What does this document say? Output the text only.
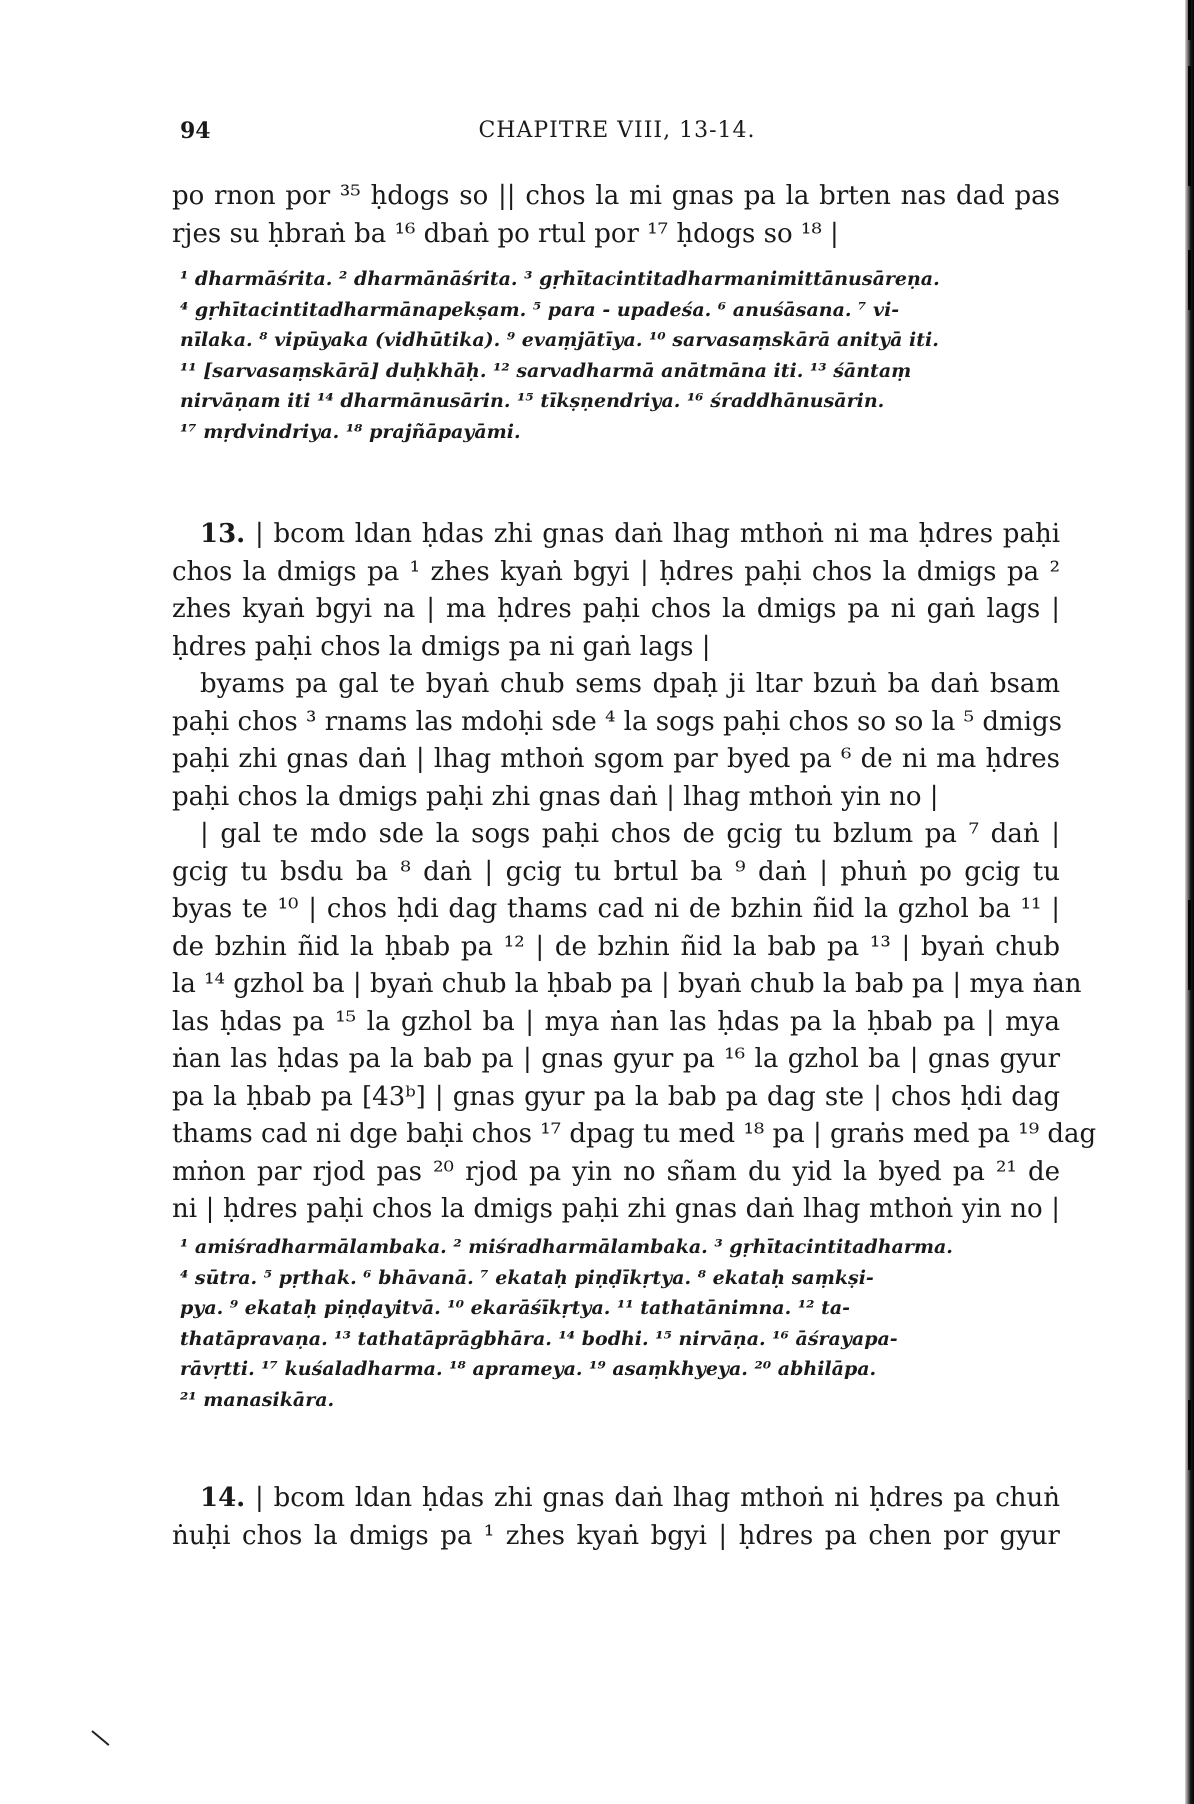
94	CHAPITRE VIII, 13-14.
po rnon por ³⁵ ḥdogs so || chos la mi gnas pa la brten nas dad pas
rjes su ḥbraṅ ba ¹⁶ dbaṅ po rtul por ¹⁷ ḥdogs so ¹⁸ |
¹ dharmāśrita. ² dharmānāśrita. ³ gṛhītacintitadharmanimittānusāreṇa.
⁴ gṛhītacintitadharmānapekṣam. ⁵ para - upadeśa. ⁶ anuśāsana. ⁷ vi-
nīlaka. ⁸ vipūyaka (vidhūtika). ⁹ evaṃjātīya. ¹⁰ sarvasaṃskārā anityā iti.
¹¹ [sarvasaṃskārā] duḥkhāḥ. ¹² sarvadharmā anātmāna iti. ¹³ śāntaṃ
nirvāṇam iti ¹⁴ dharmānusārin. ¹⁵ tīkṣṇendriya. ¹⁶ śraddhānusārin.
¹⁷ mṛdvindriya. ¹⁸ prajñāpayāmi.
13. | bcom ldan ḥdas zhi gnas daṅ lhag mthoṅ ni ma ḥdres paḥi
chos la dmigs pa ¹ zhes kyaṅ bgyi | ḥdres paḥi chos la dmigs pa ²
zhes kyaṅ bgyi na | ma ḥdres paḥi chos la dmigs pa ni gaṅ lags |
ḥdres paḥi chos la dmigs pa ni gaṅ lags |
byams pa gal te byaṅ chub sems dpaḥ ji ltar bzuṅ ba daṅ bsam
paḥi chos ³ rnams las mdoḥi sde ⁴ la sogs paḥi chos so so la ⁵ dmigs
paḥi zhi gnas daṅ | lhag mthoṅ sgom par byed pa ⁶ de ni ma ḥdres
paḥi chos la dmigs paḥi zhi gnas daṅ | lhag mthoṅ yin no |
| gal te mdo sde la sogs paḥi chos de gcig tu bzlum pa ⁷ daṅ |
gcig tu bsdu ba ⁸ daṅ | gcig tu brtul ba ⁹ daṅ | phuṅ po gcig tu
byas te ¹⁰ | chos ḥdi dag thams cad ni de bzhin ñid la gzhol ba ¹¹ |
de bzhin ñid la ḥbab pa ¹² | de bzhin ñid la bab pa ¹³ | byaṅ chub
la ¹⁴ gzhol ba | byaṅ chub la ḥbab pa | byaṅ chub la bab pa | mya ṅan
las ḥdas pa ¹⁵ la gzhol ba | mya ṅan las ḥdas pa la ḥbab pa | mya
ṅan las ḥdas pa la bab pa | gnas gyur pa ¹⁶ la gzhol ba | gnas gyur
pa la ḥbab pa [43ᵇ] | gnas gyur pa la bab pa dag ste | chos ḥdi dag
thams cad ni dge baḥi chos ¹⁷ dpag tu med ¹⁸ pa | graṅs med pa ¹⁹ dag
mṅon par rjod pas ²⁰ rjod pa yin no sñam du yid la byed pa ²¹ de
ni | ḥdres paḥi chos la dmigs paḥi zhi gnas daṅ lhag mthoṅ yin no |
¹ amiśradharmālambaka. ² miśradharmālambaka. ³ gṛhītacintitadharma.
⁴ sūtra. ⁵ pṛthak. ⁶ bhāvanā. ⁷ ekataḥ piṇḍīkṛtya. ⁸ ekataḥ saṃkṣi-
pya. ⁹ ekataḥ piṇḍayitvā. ¹⁰ ekarāśīkṛtya. ¹¹ tathatānimna. ¹² ta-
thatāpravaṇa. ¹³ tathatāprāgbhāra. ¹⁴ bodhi. ¹⁵ nirvāṇa. ¹⁶ āśrayapa-
rāvṛtti. ¹⁷ kuśaladharma. ¹⁸ aprameya. ¹⁹ asaṃkhyeya. ²⁰ abhilāpa.
²¹ manasikāra.
14. | bcom ldan ḥdas zhi gnas daṅ lhag mthoṅ ni ḥdres pa chuṅ
ṅuḥi chos la dmigs pa ¹ zhes kyaṅ bgyi | ḥdres pa chen por gyur
